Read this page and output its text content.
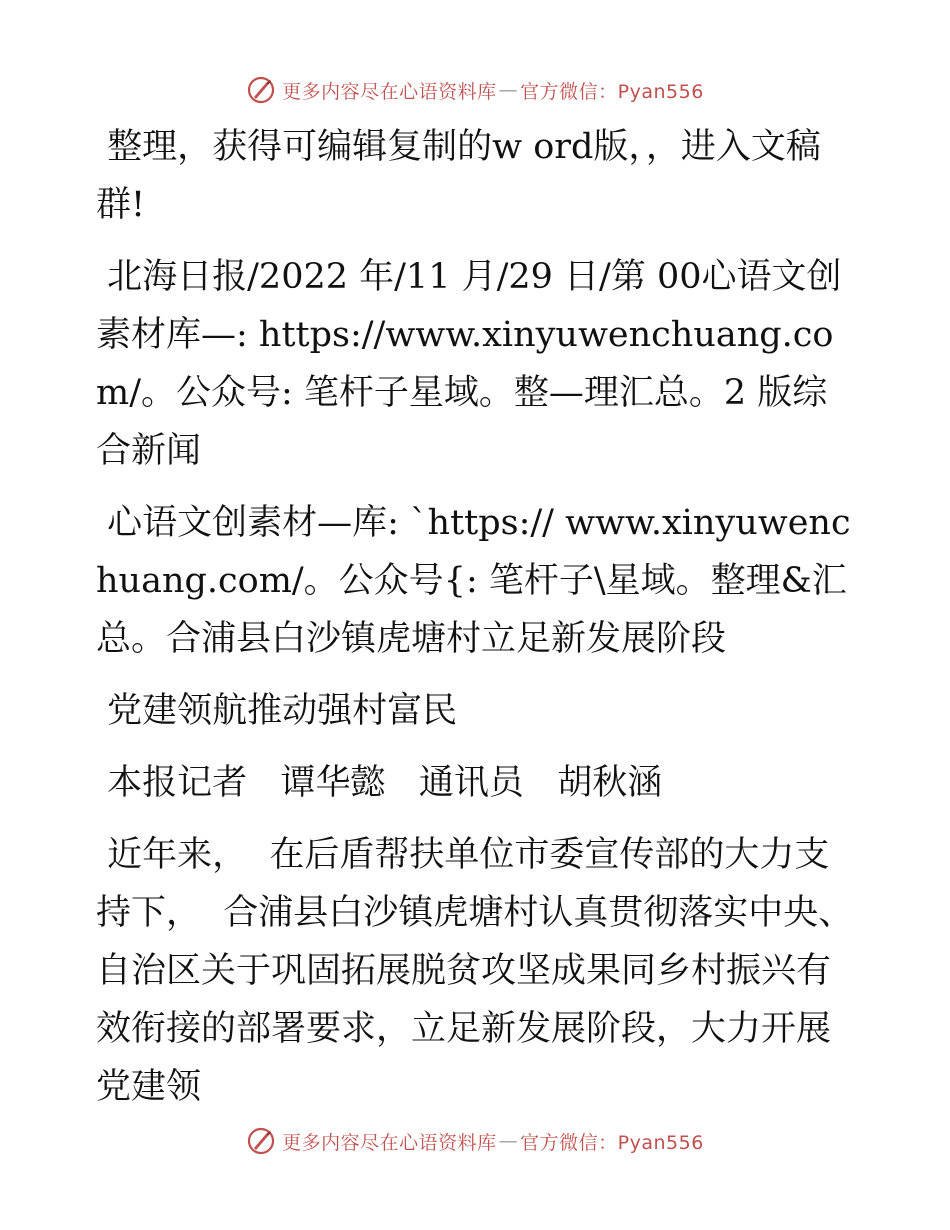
更多内容尽在心语资料库 — 官方微信：Pyan556

整理，获得可编辑复制的w ord版，，进入文稿群!

北海日报/2022 年/11 月/29 日/第 00心语文创素材库—: https://www.xinyuwenchuang.com/。公众号: 笔杆子星域。整—理汇总。2 版综合新闻

心语文创素材—库: `https:// www.xinyuwenchuang.com/。公众号{: 笔杆子\星域。整理&汇总。合浦县白沙镇虎塘村立足新发展阶段

党建领航推动强村富民

本报记者   谭华懿   通讯员   胡秋涵

近年来，  在后盾帮扶单位市委宣传部的大力支持下，  合浦县白沙镇虎塘村认真贯彻落实中央、自治区关于巩固拓展脱贫攻坚成果同乡村振兴有效衔接的部署要求，立足新发展阶段，大力开展党建领

更多内容尽在心语资料库 — 官方微信：Pyan556
